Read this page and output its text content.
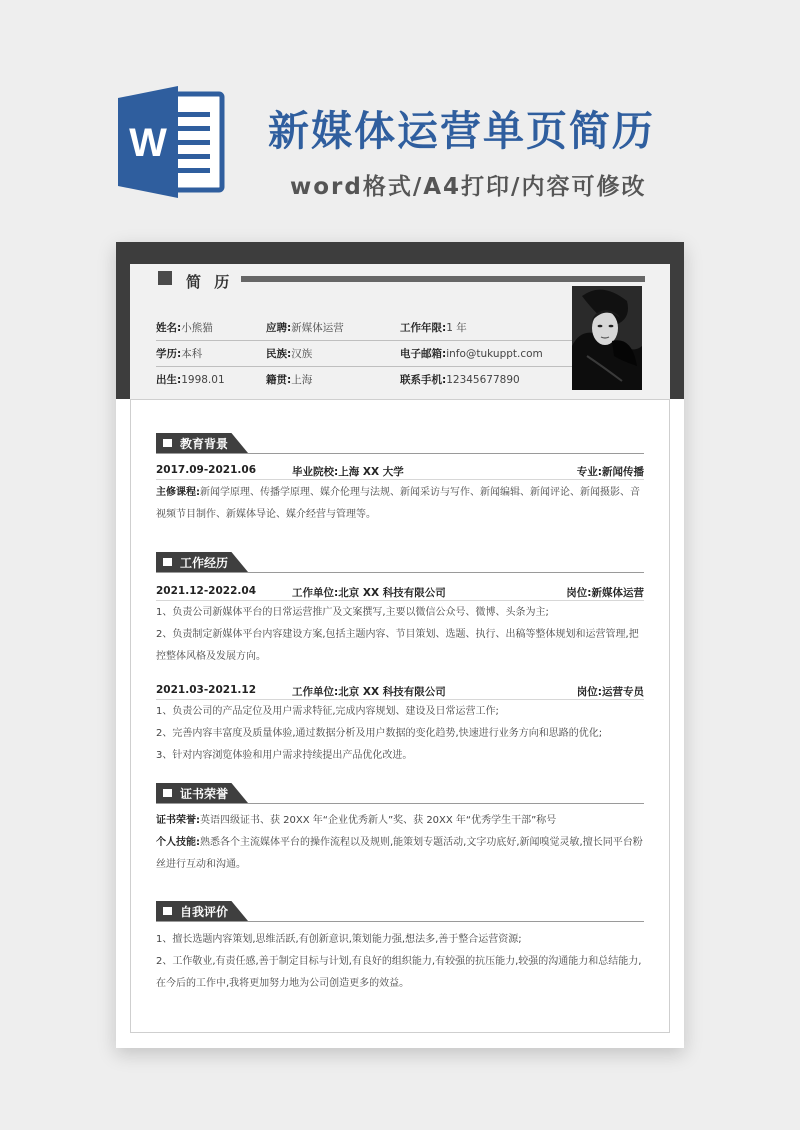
W 新媒体运营单页简历
word格式/A4打印/内容可修改
简 历
姓名:小熊猫	应聘:新媒体运营	工作年限:1 年
学历:本科	民族:汉族	电子邮箱:info@tukuppt.com
出生:1998.01	籍贯:上海	联系手机:12345677890
教育背景
2017.09-2021.06	毕业院校:上海 XX 大学	专业:新闻传播
主修课程:新闻学原理、传播学原理、媒介伦理与法规、新闻采访与写作、新闻编辑、新闻评论、新闻摄影、音视频节目制作、新媒体导论、媒介经营与管理等。
工作经历
2021.12-2022.04	工作单位:北京 XX 科技有限公司	岗位:新媒体运营
1、负责公司新媒体平台的日常运营推广及文案撰写,主要以微信公众号、微博、头条为主;
2、负责制定新媒体平台内容建设方案,包括主题内容、节目策划、选题、执行、出稿等整体规划和运营管理,把控整体风格及发展方向。
2021.03-2021.12	工作单位:北京 XX 科技有限公司	岗位:运营专员
1、负责公司的产品定位及用户需求特征,完成内容规划、建设及日常运营工作;
2、完善内容丰富度及质量体验,通过数据分析及用户数据的变化趋势,快速进行业务方向和思路的优化;
3、针对内容浏览体验和用户需求持续提出产品优化改进。
证书荣誉
证书荣誉:英语四级证书、获 20XX 年“企业优秀新人”奖、获 20XX 年“优秀学生干部”称号
个人技能:熟悉各个主流媒体平台的操作流程以及规则,能策划专题活动,文字功底好,新闻嗅觉灵敏,擅长同平台粉丝进行互动和沟通。
自我评价
1、擅长选题内容策划,思维活跃,有创新意识,策划能力强,想法多,善于整合运营资源;
2、工作敬业,有责任感,善于制定目标与计划,有良好的组织能力,有较强的抗压能力,较强的沟通能力和总结能力,在今后的工作中,我将更加努力地为公司创造更多的效益。
